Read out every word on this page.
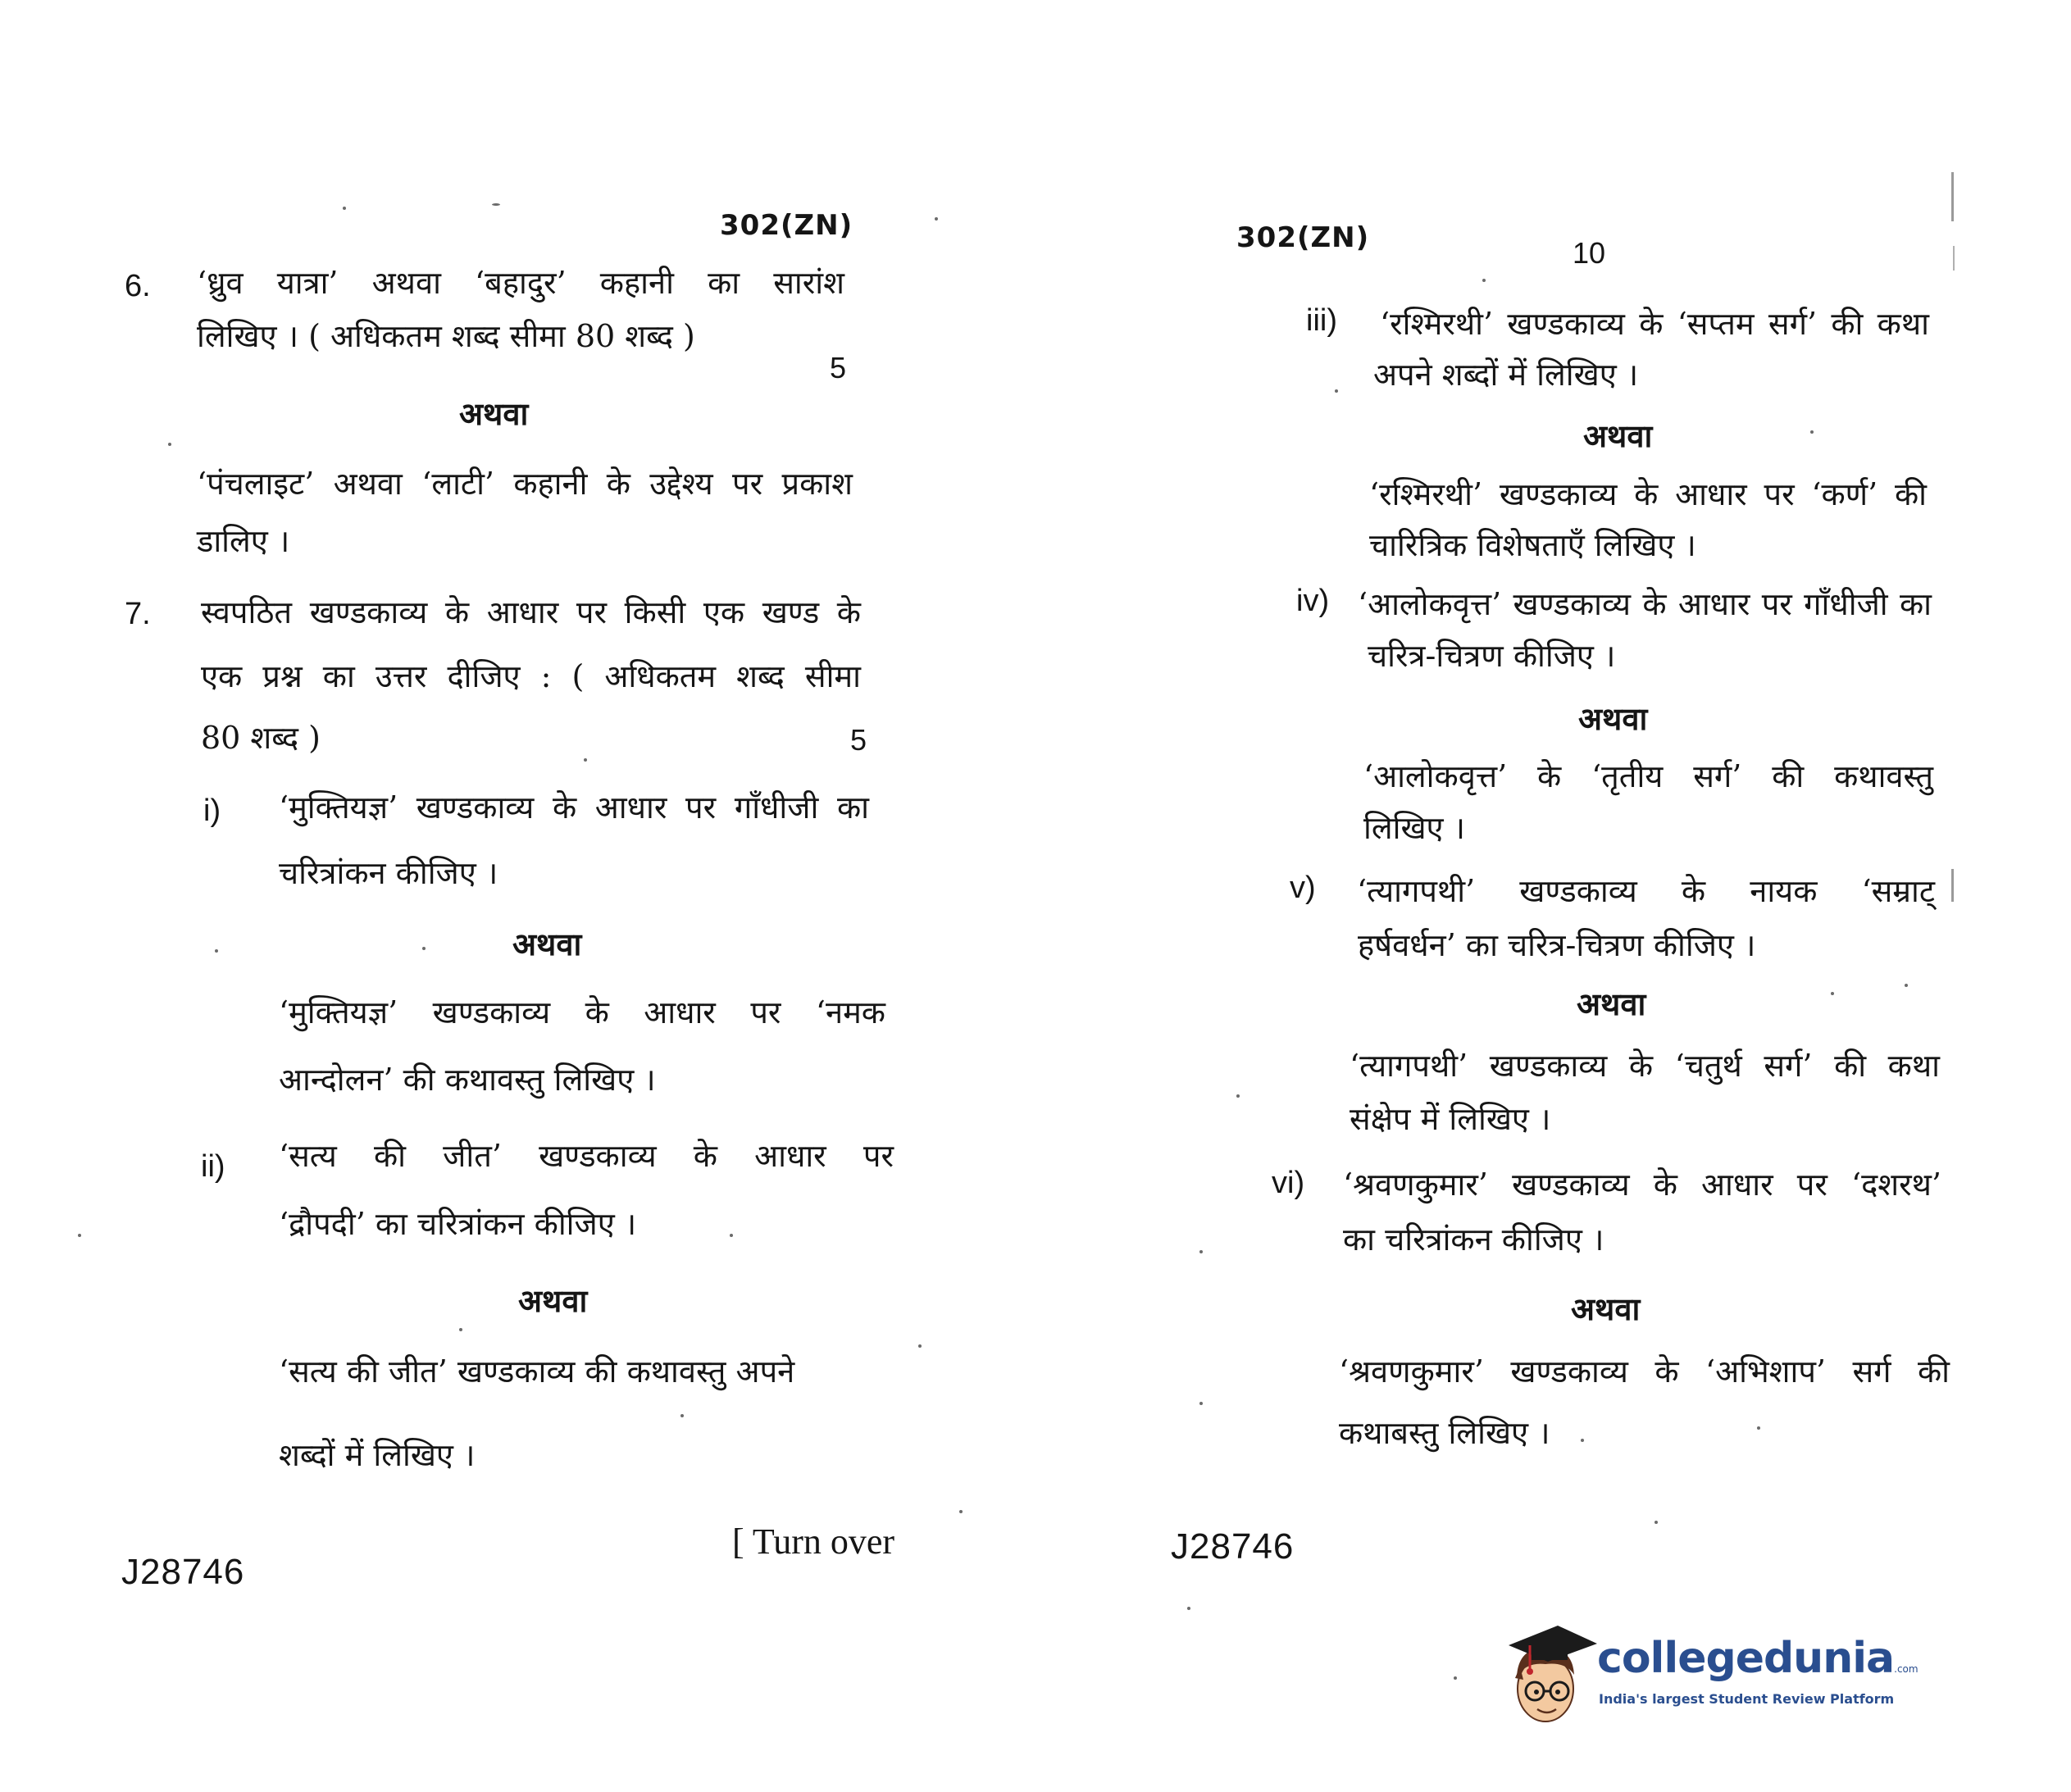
302(ZN)
6. ‘ध्रुव यात्रा’ अथवा ‘बहादुर’ कहानी का सारांश
लिखिए । ( अधिकतम शब्द सीमा 80 शब्द )
5
अथवा
‘पंचलाइट’ अथवा ‘लाटी’ कहानी के उद्देश्य पर प्रकाश
डालिए ।
7. स्वपठित खण्डकाव्य के आधार पर किसी एक खण्ड के
एक प्रश्न का उत्तर दीजिए : ( अधिकतम शब्द सीमा
80 शब्द )	5
i) ‘मुक्तियज्ञ’ खण्डकाव्य के आधार पर गाँधीजी का
चरित्रांकन कीजिए ।
अथवा
‘मुक्तियज्ञ’ खण्डकाव्य के आधार पर ‘नमक
आन्दोलन’ की कथावस्तु लिखिए ।
ii) ‘सत्य की जीत’ खण्डकाव्य के आधार पर
‘द्रौपदी’ का चरित्रांकन कीजिए ।
अथवा
‘सत्य की जीत’ खण्डकाव्य की कथावस्तु अपने
शब्दों में लिखिए ।
J28746
[ Turn over
302(ZN)	10
iii) ‘रश्मिरथी’ खण्डकाव्य के ‘सप्तम सर्ग’ की कथा
अपने शब्दों में लिखिए ।
अथवा
‘रश्मिरथी’ खण्डकाव्य के आधार पर ‘कर्ण’ की
चारित्रिक विशेषताएँ लिखिए ।
iv) ‘आलोकवृत्त’ खण्डकाव्य के आधार पर गाँधीजी का
चरित्र-चित्रण कीजिए ।
अथवा
‘आलोकवृत्त’ के ‘तृतीय सर्ग’ की कथावस्तु
लिखिए ।
v) ‘त्यागपथी’ खण्डकाव्य के नायक ‘सम्राट्
हर्षवर्धन’ का चरित्र-चित्रण कीजिए ।
अथवा
‘त्यागपथी’ खण्डकाव्य के ‘चतुर्थ सर्ग’ की कथा
संक्षेप में लिखिए ।
vi) ‘श्रवणकुमार’ खण्डकाव्य के आधार पर ‘दशरथ’
का चरित्रांकन कीजिए ।
अथवा
‘श्रवणकुमार’ खण्डकाव्य के ‘अभिशाप’ सर्ग की
कथाबस्तु लिखिए ।
J28746
collegedunia.com
India's largest Student Review Platform
